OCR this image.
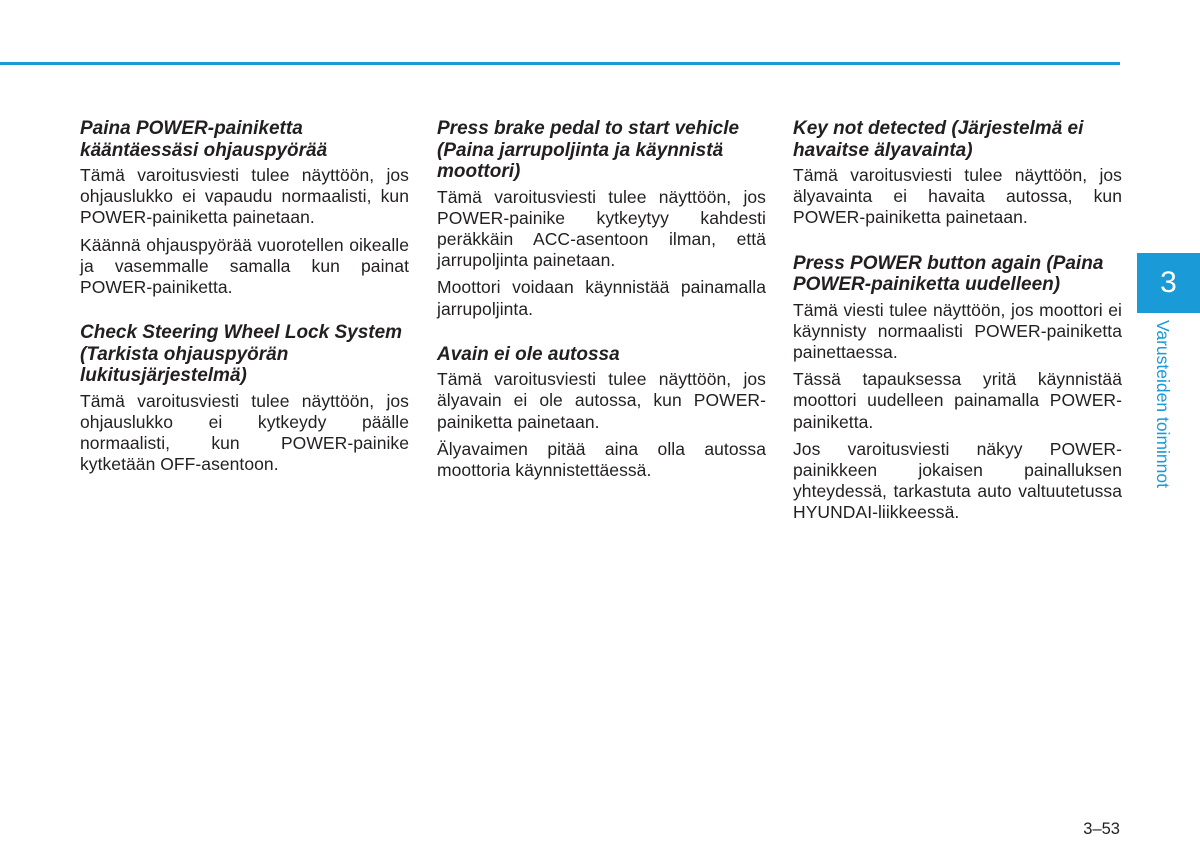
Paina POWER-painiketta kääntäessäsi ohjauspyörää

Tämä varoitusviesti tulee näyttöön, jos ohjauslukko ei vapaudu normaalisti, kun POWER-painiketta painetaan.

Käännä ohjauspyörää vuorotellen oikealle ja vasemmalle samalla kun painat POWER-painiketta.

Check Steering Wheel Lock System (Tarkista ohjauspyörän lukitusjärjestelmä)

Tämä varoitusviesti tulee näyttöön, jos ohjauslukko ei kytkeydy päälle normaalisti, kun POWER-painike kytketään OFF-asentoon.

Press brake pedal to start vehicle (Paina jarrupoljinta ja käynnistä moottori)

Tämä varoitusviesti tulee näyttöön, jos POWER-painike kytkeytyy kahdesti peräkkäin ACC-asentoon ilman, että jarrupoljinta painetaan.

Moottori voidaan käynnistää painamalla jarrupoljinta.

Avain ei ole autossa

Tämä varoitusviesti tulee näyttöön, jos älyavain ei ole autossa, kun POWER-painiketta painetaan.

Älyavaimen pitää aina olla autossa moottoria käynnistettäessä.

Key not detected (Järjestelmä ei havaitse älyavainta)

Tämä varoitusviesti tulee näyttöön, jos älyavainta ei havaita autossa, kun POWER-painiketta painetaan.

Press POWER button again (Paina POWER-painiketta uudelleen)

Tämä viesti tulee näyttöön, jos moottori ei käynnisty normaalisti POWER-painiketta painettaessa.

Tässä tapauksessa yritä käynnistää moottori uudelleen painamalla POWER-painiketta.

Jos varoitusviesti näkyy POWER-painikkeen jokaisen painalluksen yhteydessä, tarkastuta auto valtuutetussa HYUNDAI-liikkeessä.

3
Varusteiden toiminnot
3–53
